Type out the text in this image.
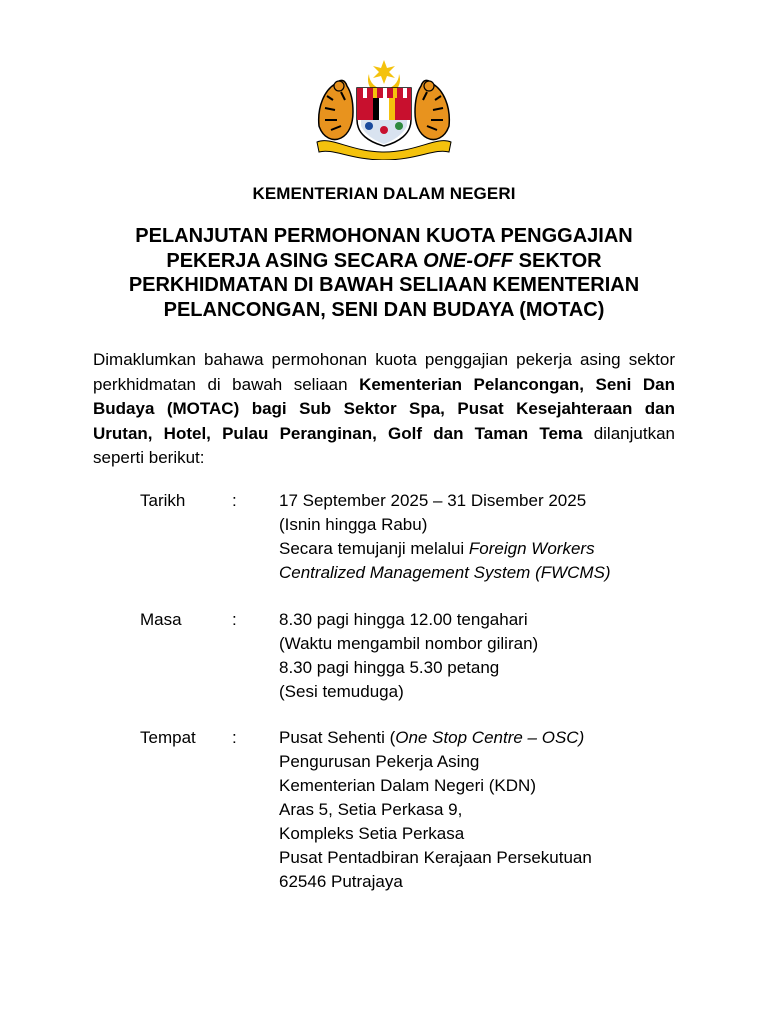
KEMENTERIAN DALAM NEGERI
PELANJUTAN PERMOHONAN KUOTA PENGGAJIAN PEKERJA ASING SECARA ONE-OFF SEKTOR PERKHIDMATAN DI BAWAH SELIAAN KEMENTERIAN PELANCONGAN, SENI DAN BUDAYA (MOTAC)
Dimaklumkan bahawa permohonan kuota penggajian pekerja asing sektor perkhidmatan di bawah seliaan Kementerian Pelancongan, Seni Dan Budaya (MOTAC) bagi Sub Sektor Spa, Pusat Kesejahteraan dan Urutan, Hotel, Pulau Peranginan, Golf dan Taman Tema dilanjutkan seperti berikut:
Tarikh	: 17 September 2025 – 31 Disember 2025
(Isnin hingga Rabu)
Secara temujanji melalui Foreign Workers
Centralized Management System (FWCMS)
Masa	: 8.30 pagi hingga 12.00 tengahari
(Waktu mengambil nombor giliran)
8.30 pagi hingga 5.30 petang
(Sesi temuduga)
Tempat : Pusat Sehenti (One Stop Centre – OSC)
Pengurusan Pekerja Asing
Kementerian Dalam Negeri (KDN)
Aras 5, Setia Perkasa 9,
Kompleks Setia Perkasa
Pusat Pentadbiran Kerajaan Persekutuan
62546 Putrajaya
